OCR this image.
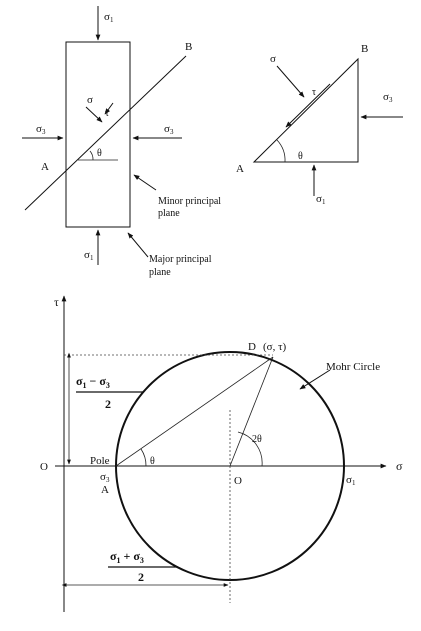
σ1
σ1
σ3	σ3
σ
τ
θ
A
B
Minor principal
plane
Major principal
plane
θ
A
B
σ
τ	σ3
σ1
τ
σ
O
O
D (σ, τ)
Mohr Circle
2θ
θ
Pole
σ3
A
σ1
$\sigma_1 - \sigma_3$
2
$\sigma_1 + \sigma_3$
2
